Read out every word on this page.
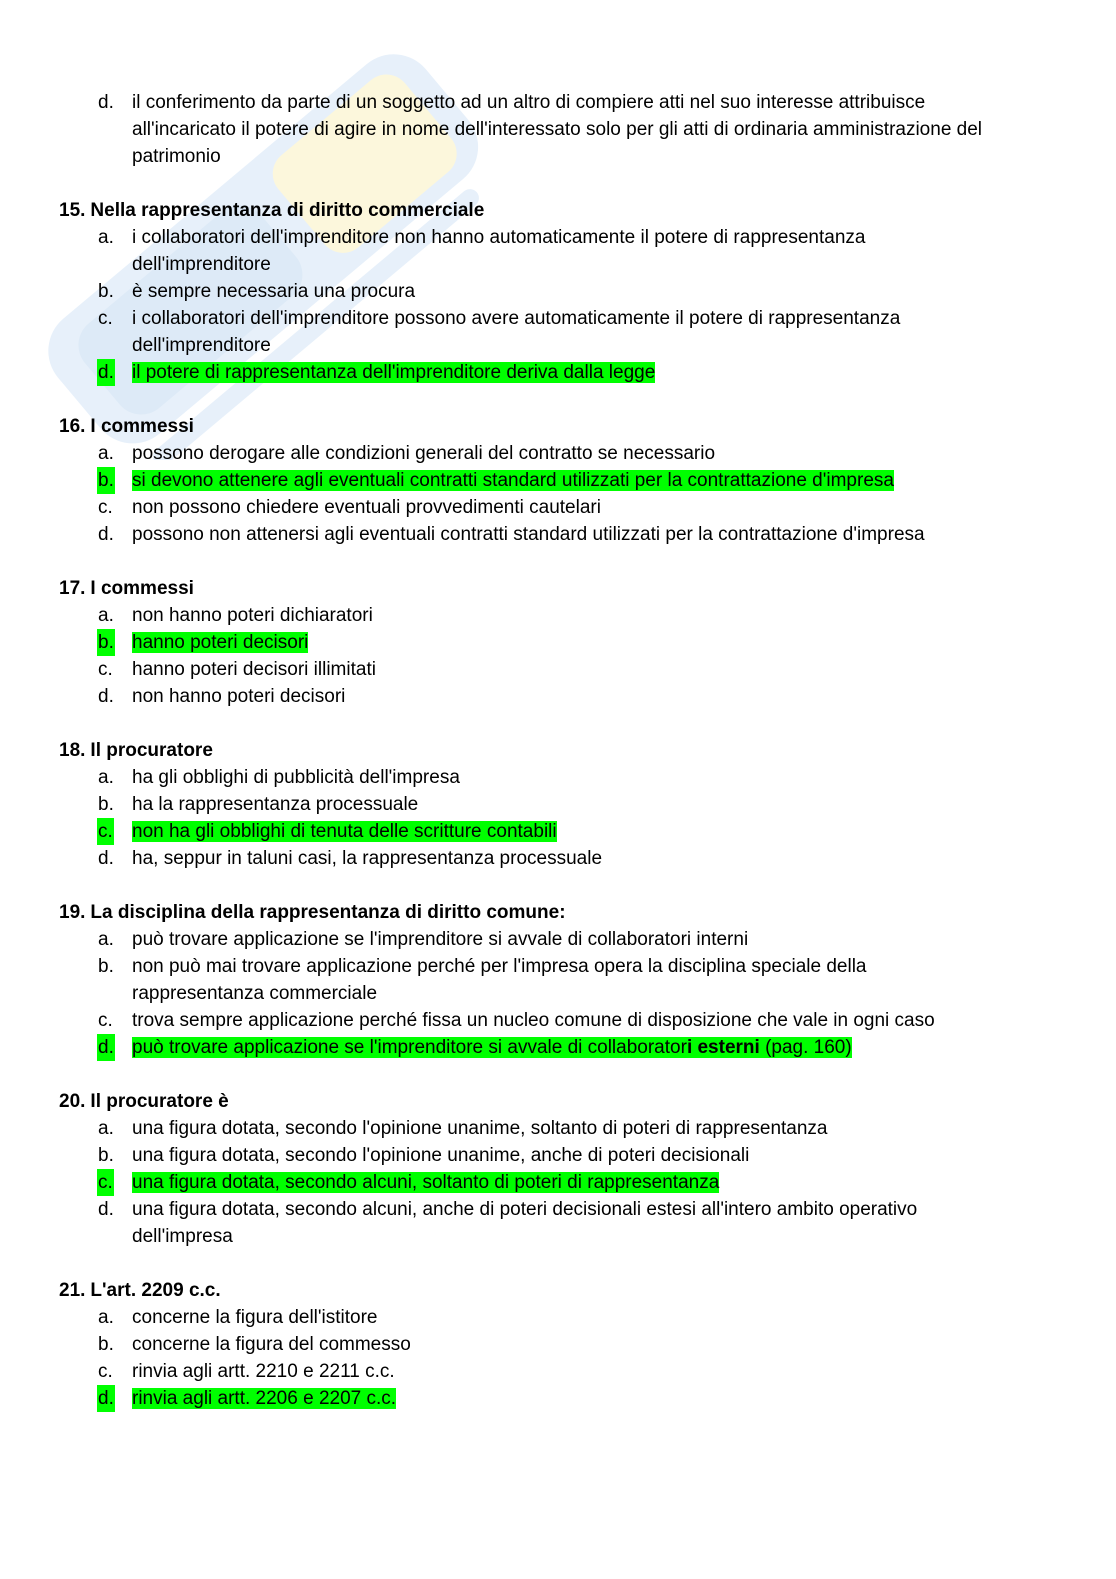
d. il conferimento da parte di un soggetto ad un altro di compiere atti nel suo interesse attribuisce
all'incaricato il potere di agire in nome dell'interessato solo per gli atti di ordinaria amministrazione del
patrimonio
15. Nella rappresentanza di diritto commerciale
a. i collaboratori dell'imprenditore non hanno automaticamente il potere di rappresentanza
dell'imprenditore
b. è sempre necessaria una procura
c. i collaboratori dell'imprenditore possono avere automaticamente il potere di rappresentanza
dell'imprenditore
d. il potere di rappresentanza dell'imprenditore deriva dalla legge
16. I commessi
a. possono derogare alle condizioni generali del contratto se necessario
b. si devono attenere agli eventuali contratti standard utilizzati per la contrattazione d'impresa
c. non possono chiedere eventuali provvedimenti cautelari
d. possono non attenersi agli eventuali contratti standard utilizzati per la contrattazione d'impresa
17. I commessi
a. non hanno poteri dichiaratori
b. hanno poteri decisori
c. hanno poteri decisori illimitati
d. non hanno poteri decisori
18. Il procuratore
a. ha gli obblighi di pubblicità dell'impresa
b. ha la rappresentanza processuale
c. non ha gli obblighi di tenuta delle scritture contabili
d. ha, seppur in taluni casi, la rappresentanza processuale
19. La disciplina della rappresentanza di diritto comune:
a. può trovare applicazione se l'imprenditore si avvale di collaboratori interni
b. non può mai trovare applicazione perché per l'impresa opera la disciplina speciale della
rappresentanza commerciale
c. trova sempre applicazione perché fissa un nucleo comune di disposizione che vale in ogni caso
d. può trovare applicazione se l'imprenditore si avvale di collaboratori esterni (pag. 160)
20. Il procuratore è
a. una figura dotata, secondo l'opinione unanime, soltanto di poteri di rappresentanza
b. una figura dotata, secondo l'opinione unanime, anche di poteri decisionali
c. una figura dotata, secondo alcuni, soltanto di poteri di rappresentanza
d. una figura dotata, secondo alcuni, anche di poteri decisionali estesi all'intero ambito operativo
dell'impresa
21. L'art. 2209 c.c.
a. concerne la figura dell'istitore
b. concerne la figura del commesso
c. rinvia agli artt. 2210 e 2211 c.c.
d. rinvia agli artt. 2206 e 2207 c.c.
